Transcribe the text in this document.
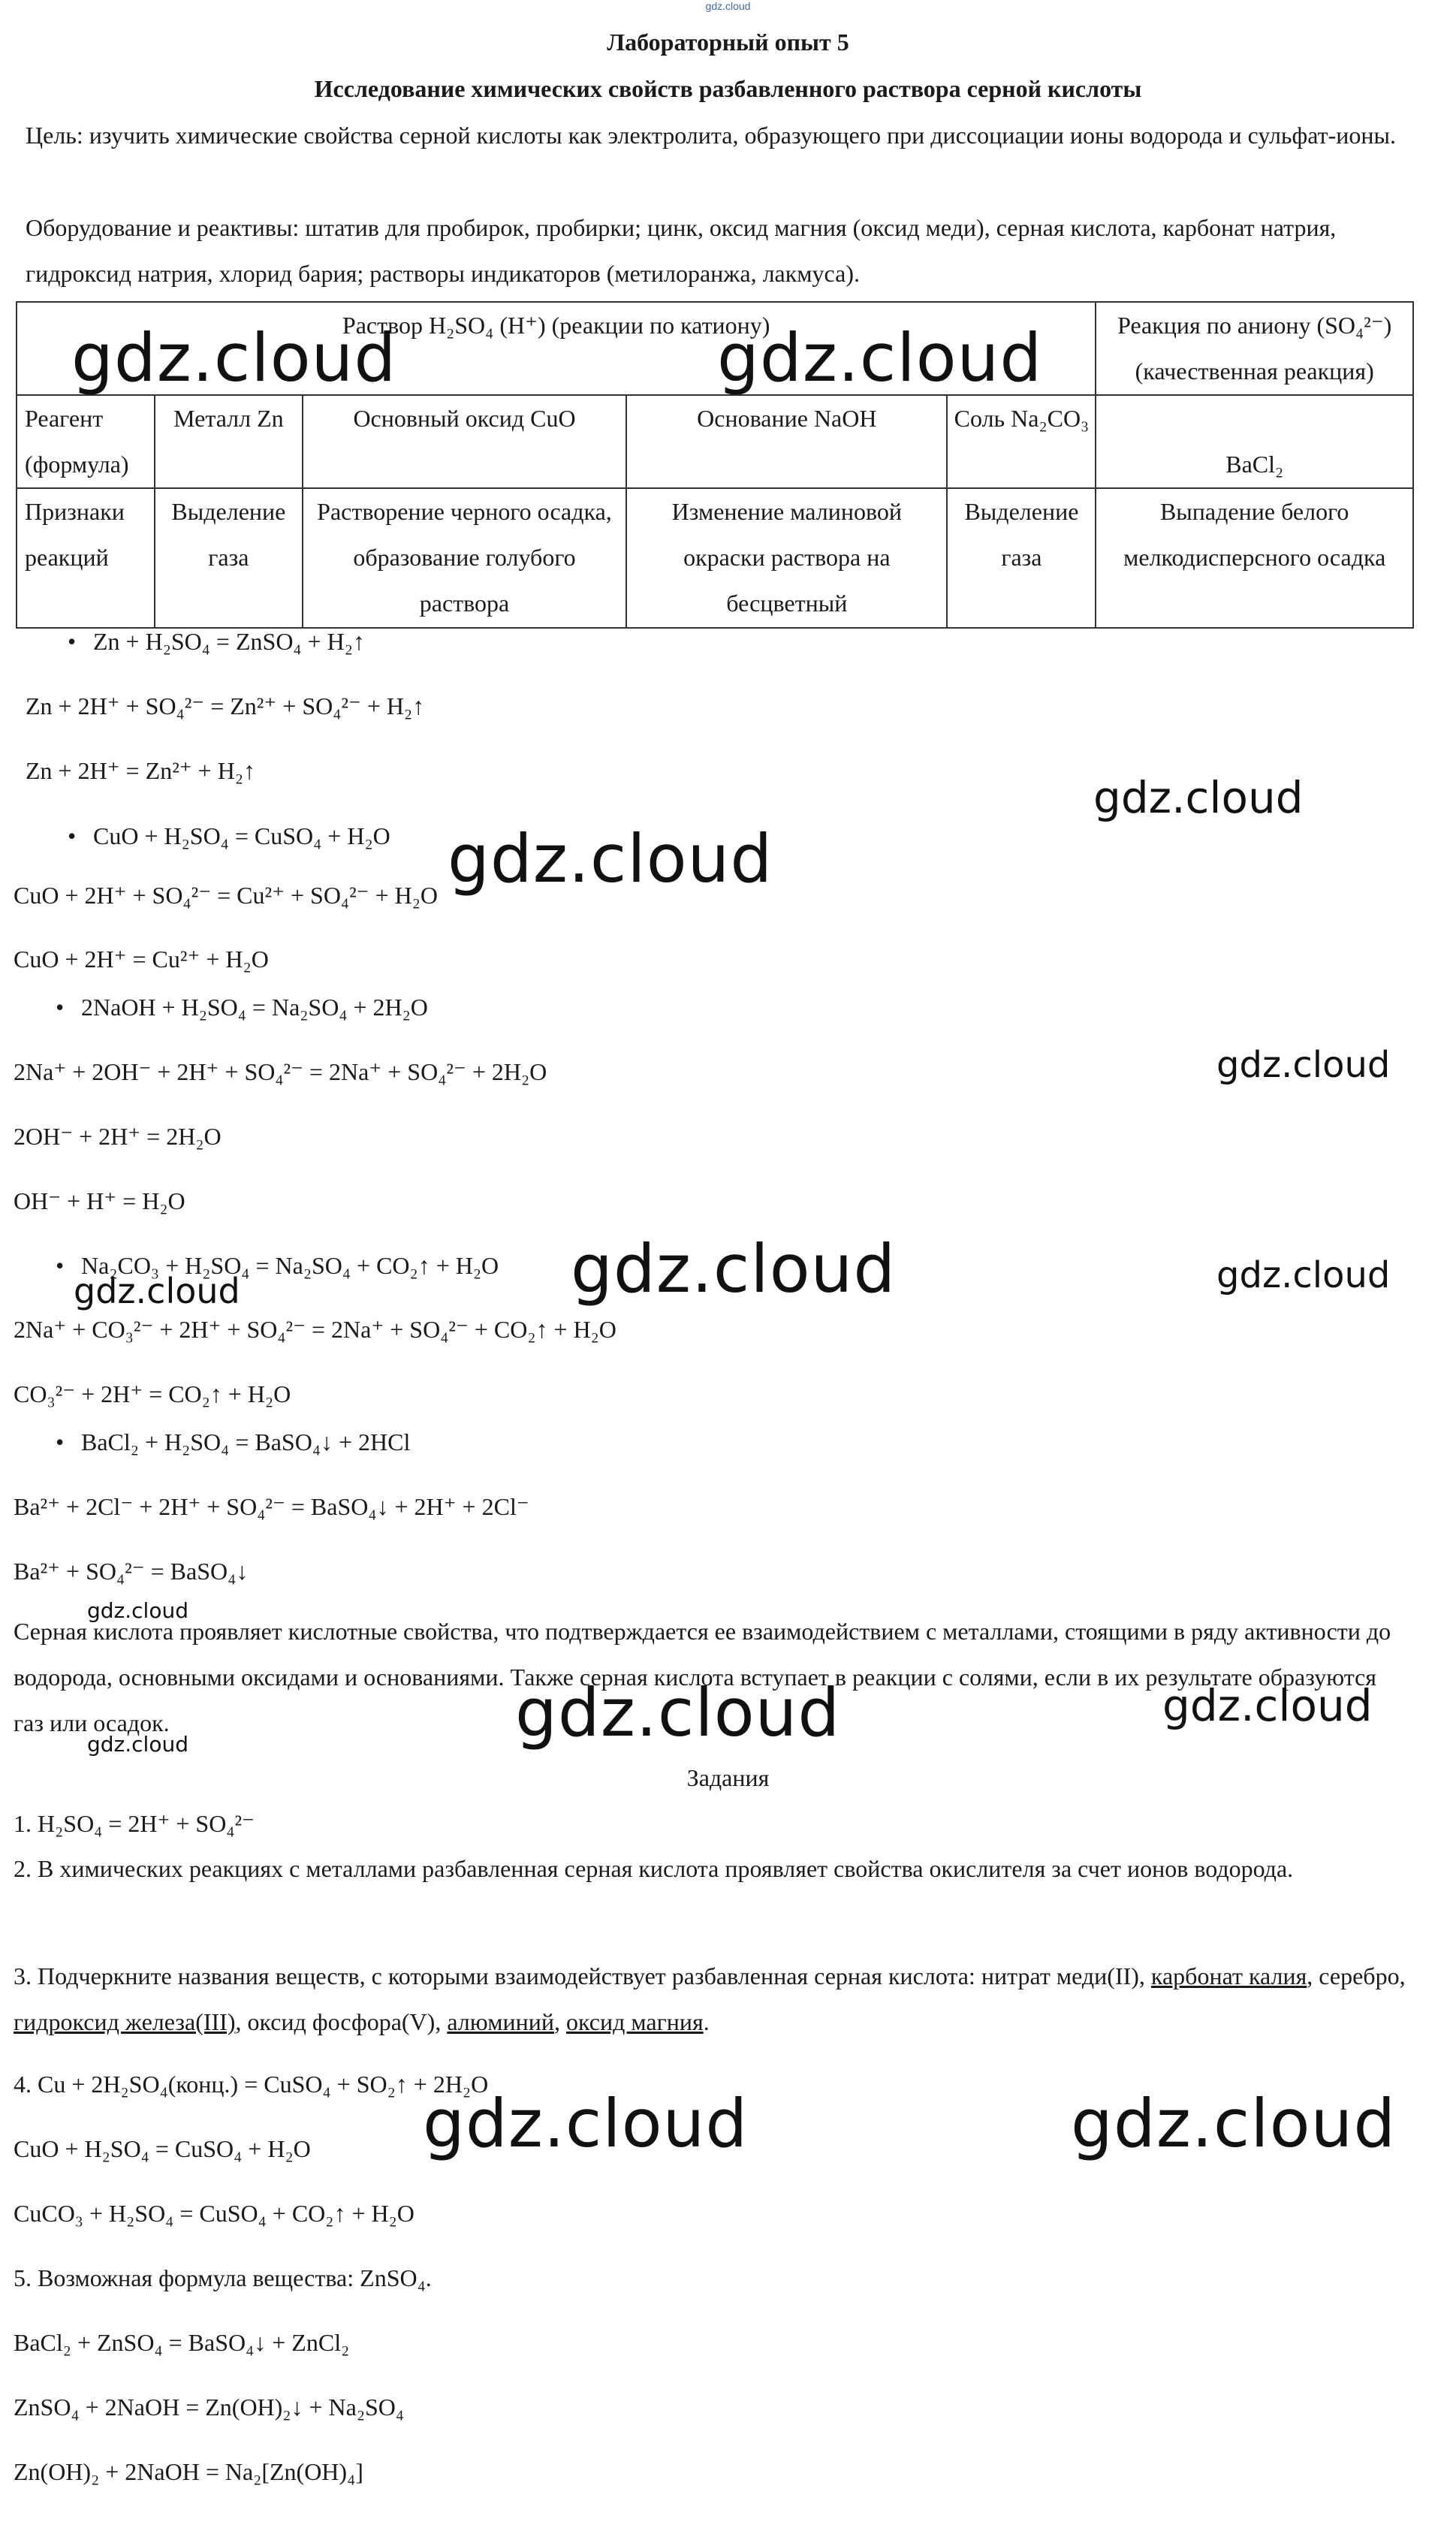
gdz.cloud
Лабораторный опыт 5
Исследование химических свойств разбавленного раствора серной кислоты
Цель: изучить химические свойства серной кислоты как электролита, образующего при диссоциации ионы водорода и сульфат-ионы.
Оборудование и реактивы: штатив для пробирок, пробирки; цинк, оксид магния (оксид меди), серная кислота, карбонат натрия, гидроксид натрия, хлорид бария; растворы индикаторов (метилоранжа, лакмуса).
Раствор H₂SO₄ (H⁺) (реакции по катиону)					Реакция по аниону (SO₄²⁻) (качественная реакция)
Реагент (формула)	Металл Zn	Основный оксид CuO	Основание NaOH	Соль Na₂CO₃	BaCl₂
Признаки реакций	Выделение газа	Растворение черного осадка, образование голубого раствора	Изменение малиновой окраски раствора на бесцветный	Выделение газа	Выпадение белого мелкодисперсного осадка
• Zn + H₂SO₄ = ZnSO₄ + H₂↑
Zn + 2H⁺ + SO₄²⁻ = Zn²⁺ + SO₄²⁻ + H₂↑
Zn + 2H⁺ = Zn²⁺ + H₂↑
• CuO + H₂SO₄ = CuSO₄ + H₂O
CuO + 2H⁺ + SO₄²⁻ = Cu²⁺ + SO₄²⁻ + H₂O
CuO + 2H⁺ = Cu²⁺ + H₂O
• 2NaOH + H₂SO₄ = Na₂SO₄ + 2H₂O
2Na⁺ + 2OH⁻ + 2H⁺ + SO₄²⁻ = 2Na⁺ + SO₄²⁻ + 2H₂O
2OH⁻ + 2H⁺ = 2H₂O
OH⁻ + H⁺ = H₂O
• Na₂CO₃ + H₂SO₄ = Na₂SO₄ + CO₂↑ + H₂O
2Na⁺ + CO₃²⁻ + 2H⁺ + SO₄²⁻ = 2Na⁺ + SO₄²⁻ + CO₂↑ + H₂O
CO₃²⁻ + 2H⁺ = CO₂↑ + H₂O
• BaCl₂ + H₂SO₄ = BaSO₄↓ + 2HCl
Ba²⁺ + 2Cl⁻ + 2H⁺ + SO₄²⁻ = BaSO₄↓ + 2H⁺ + 2Cl⁻
Ba²⁺ + SO₄²⁻ = BaSO₄↓
Серная кислота проявляет кислотные свойства, что подтверждается ее взаимодействием с металлами, стоящими в ряду активности до водорода, основными оксидами и основаниями. Также серная кислота вступает в реакции с солями, если в их результате образуются газ или осадок.
Задания
1. H₂SO₄ = 2H⁺ + SO₄²⁻
2. В химических реакциях с металлами разбавленная серная кислота проявляет свойства окислителя за счет ионов водорода.
3. Подчеркните названия веществ, с которыми взаимодействует разбавленная серная кислота: нитрат меди(II), карбонат калия, серебро, гидроксид железа(III), оксид фосфора(V), алюминий, оксид магния.
4. Cu + 2H₂SO₄(конц.) = CuSO₄ + SO₂↑ + 2H₂O
CuO + H₂SO₄ = CuSO₄ + H₂O
CuCO₃ + H₂SO₄ = CuSO₄ + CO₂↑ + H₂O
5. Возможная формула вещества: ZnSO₄.
BaCl₂ + ZnSO₄ = BaSO₄↓ + ZnCl₂
ZnSO₄ + 2NaOH = Zn(OH)₂↓ + Na₂SO₄
Zn(OH)₂ + 2NaOH = Na₂[Zn(OH)₄]
gdz.cloud	gdz.cloud
gdz.cloud
gdz.cloud
gdz.cloud
gdz.cloud	gdz.cloud
gdz.cloud
gdz.cloud
gdz.cloud	gdz.cloud
gdz.cloud
gdz.cloud	gdz.cloud
